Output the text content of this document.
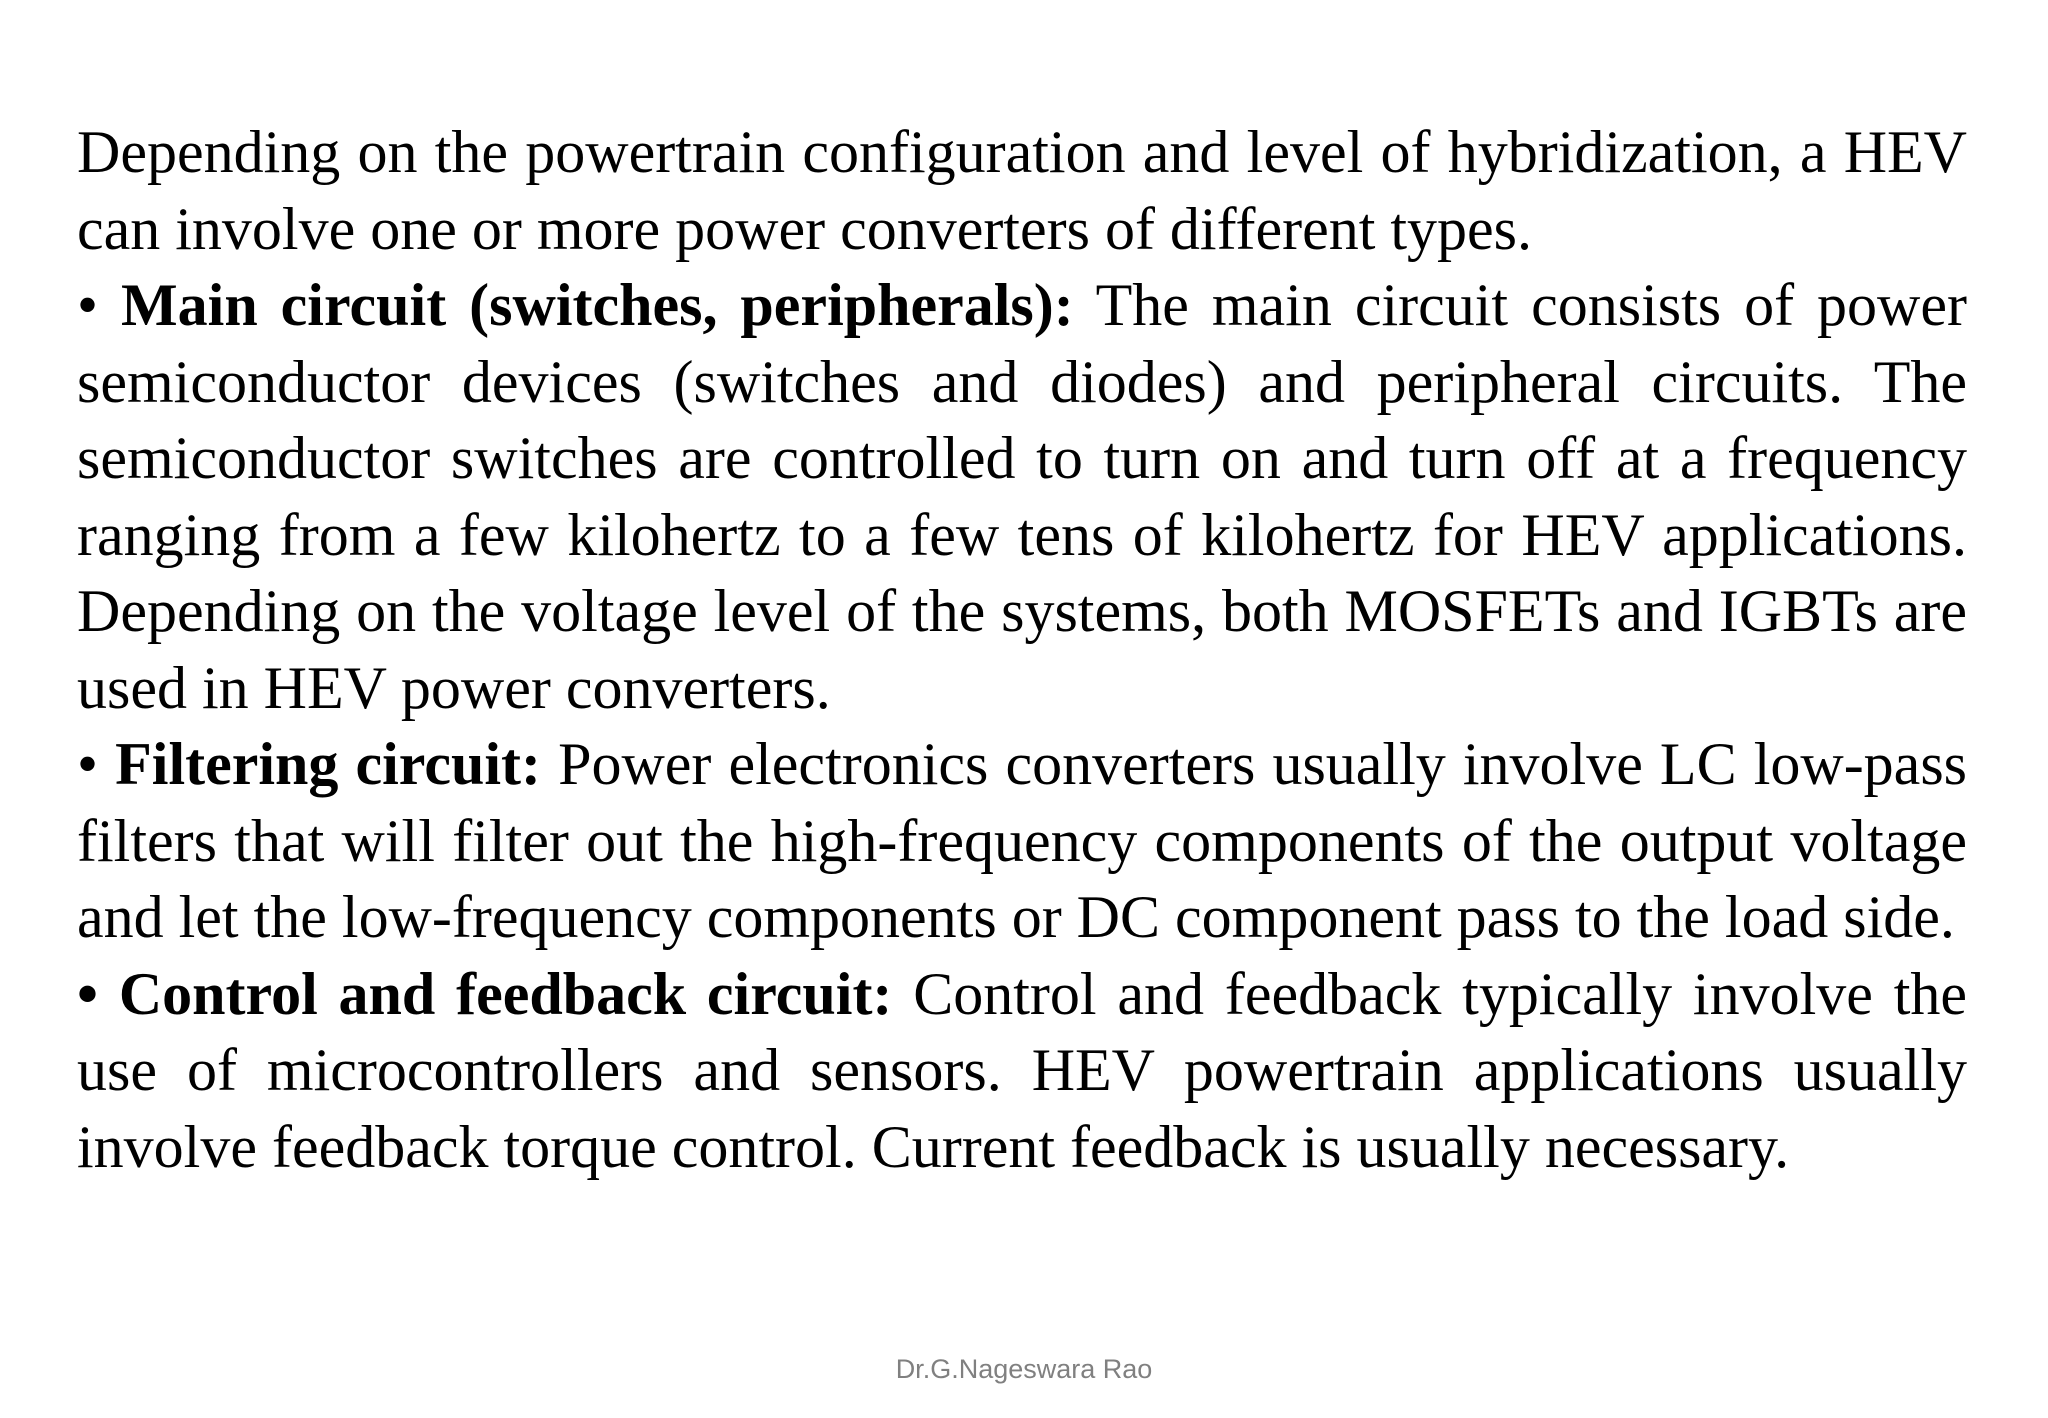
Depending on the powertrain configuration and level of hybridization, a HEV can involve one or more power converters of different types.

• Main circuit (switches, peripherals): The main circuit consists of power semiconductor devices (switches and diodes) and peripheral circuits. The semiconductor switches are controlled to turn on and turn off at a frequency ranging from a few kilohertz to a few tens of kilohertz for HEV applications. Depending on the voltage level of the systems, both MOSFETs and IGBTs are used in HEV power converters.

• Filtering circuit: Power electronics converters usually involve LC low-pass filters that will filter out the high-frequency components of the output voltage and let the low-frequency components or DC component pass to the load side.

• Control and feedback circuit: Control and feedback typically involve the use of microcontrollers and sensors. HEV powertrain applications usually involve feedback torque control. Current feedback is usually necessary.

Dr.G.Nageswara Rao
